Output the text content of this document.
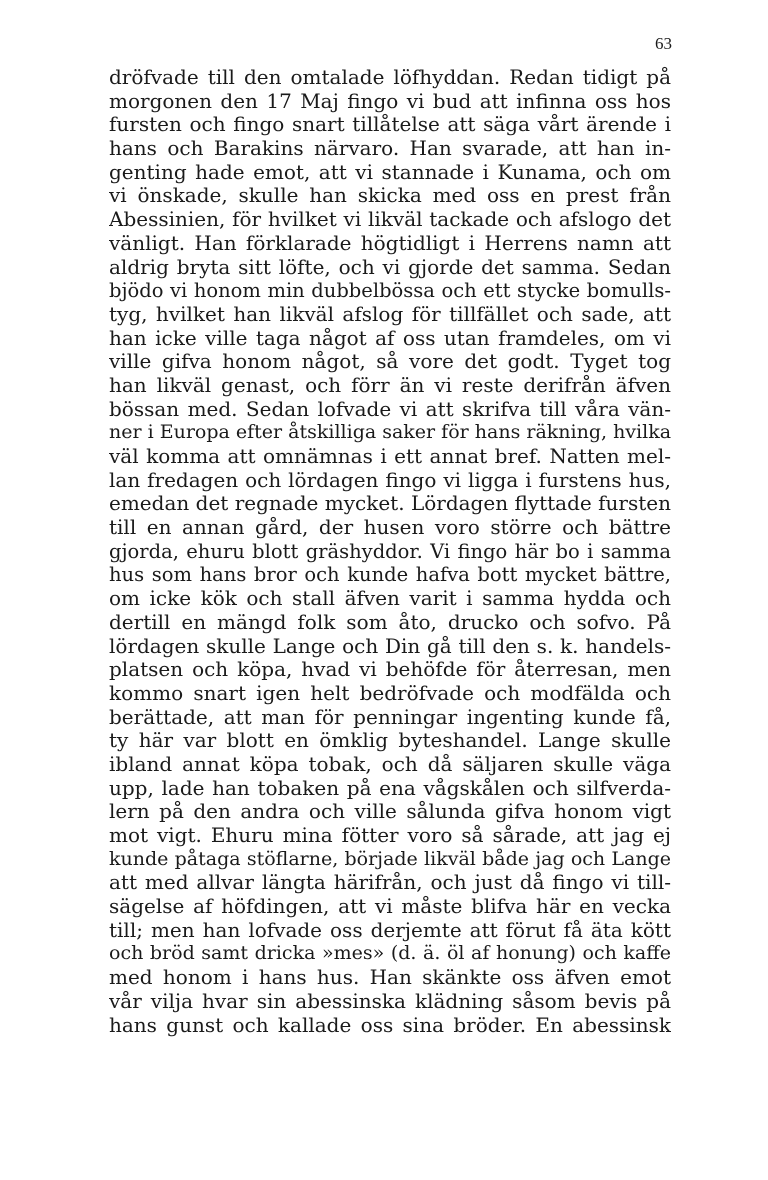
63
dröfvade till den omtalade löfhyddan. Redan tidigt på
morgonen den 17 Maj fingo vi bud att infinna oss hos
fursten och fingo snart tillåtelse att säga vårt ärende i
hans och Barakins närvaro. Han svarade, att han in-
genting hade emot, att vi stannade i Kunama, och om
vi önskade, skulle han skicka med oss en prest från
Abessinien, för hvilket vi likväl tackade och afslogo det
vänligt. Han förklarade högtidligt i Herrens namn att
aldrig bryta sitt löfte, och vi gjorde det samma. Sedan
bjödo vi honom min dubbelbössa och ett stycke bomulls-
tyg, hvilket han likväl afslog för tillfället och sade, att
han icke ville taga något af oss utan framdeles, om vi
ville gifva honom något, så vore det godt. Tyget tog
han likväl genast, och förr än vi reste derifrån äfven
bössan med. Sedan lofvade vi att skrifva till våra vän-
ner i Europa efter åtskilliga saker för hans räkning, hvilka
väl komma att omnämnas i ett annat bref. Natten mel-
lan fredagen och lördagen fingo vi ligga i furstens hus,
emedan det regnade mycket. Lördagen flyttade fursten
till en annan gård, der husen voro större och bättre
gjorda, ehuru blott gräshyddor. Vi fingo här bo i samma
hus som hans bror och kunde hafva bott mycket bättre,
om icke kök och stall äfven varit i samma hydda och
dertill en mängd folk som åto, drucko och sofvo. På
lördagen skulle Lange och Din gå till den s. k. handels-
platsen och köpa, hvad vi behöfde för återresan, men
kommo snart igen helt bedröfvade och modfälda och
berättade, att man för penningar ingenting kunde få,
ty här var blott en ömklig byteshandel. Lange skulle
ibland annat köpa tobak, och då säljaren skulle väga
upp, lade han tobaken på ena vågskålen och silfverda-
lern på den andra och ville sålunda gifva honom vigt
mot vigt. Ehuru mina fötter voro så sårade, att jag ej
kunde påtaga stöflarne, började likväl både jag och Lange
att med allvar längta härifrån, och just då fingo vi till-
sägelse af höfdingen, att vi måste blifva här en vecka
till; men han lofvade oss derjemte att förut få äta kött
och bröd samt dricka »mes» (d. ä. öl af honung) och kaffe
med honom i hans hus. Han skänkte oss äfven emot
vår vilja hvar sin abessinska klädning såsom bevis på
hans gunst och kallade oss sina bröder. En abessinsk
